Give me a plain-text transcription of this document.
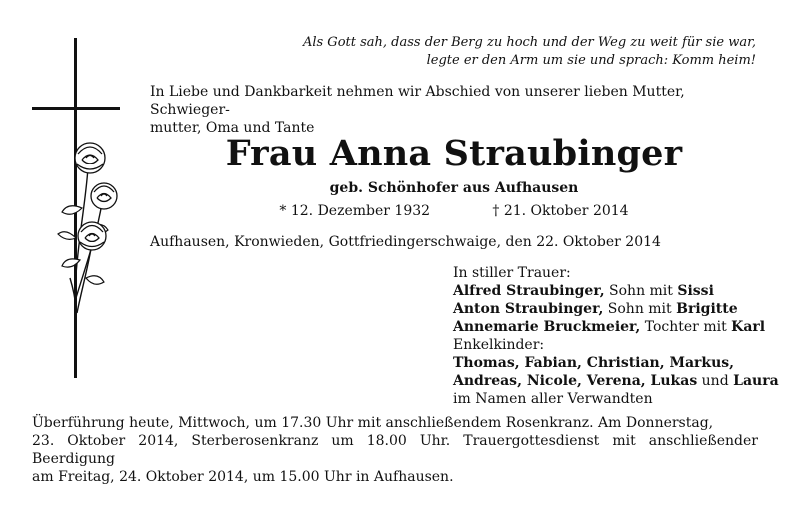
Als Gott sah, dass der Berg zu hoch und der Weg zu weit für sie war,
legte er den Arm um sie und sprach: Komm heim!
In Liebe und Dankbarkeit nehmen wir Abschied von unserer lieben Mutter, Schwieger-
mutter, Oma und Tante
Frau Anna Straubinger
geb. Schönhofer aus Aufhausen
* 12. Dezember 1932	† 21. Oktober 2014
Aufhausen, Kronwieden, Gottfriedingerschwaige, den 22. Oktober 2014
In stiller Trauer:
Alfred Straubinger, Sohn mit Sissi
Anton Straubinger, Sohn mit Brigitte
Annemarie Bruckmeier, Tochter mit Karl
Enkelkinder:
Thomas, Fabian, Christian, Markus,
Andreas, Nicole, Verena, Lukas und Laura
im Namen aller Verwandten
Überführung heute, Mittwoch, um 17.30 Uhr mit anschließendem Rosenkranz. Am Donnerstag,
23. Oktober 2014, Sterberosenkranz um 18.00 Uhr. Trauergottesdienst mit anschließender Beerdigung
am Freitag, 24. Oktober 2014, um 15.00 Uhr in Aufhausen.
